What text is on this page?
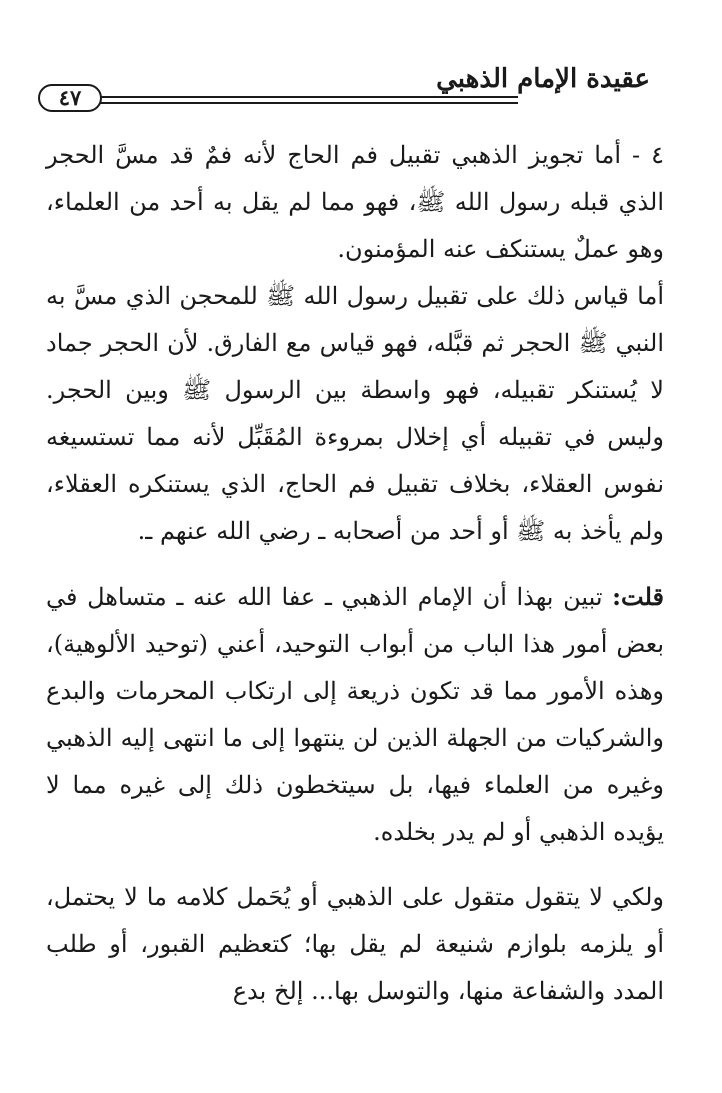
عقيدة الإمام الذهبي
٤٧

٤ - أما تجويز الذهبي تقبيل فم الحاج لأنه فمٌ قد مسَّ الحجر الذي قبله رسول الله ﷺ، فهو مما لم يقل به أحد من العلماء، وهو عملٌ يستنكف عنه المؤمنون.

أما قياس ذلك على تقبيل رسول الله ﷺ للمحجن الذي مسَّ به النبي ﷺ الحجر ثم قبَّله، فهو قياس مع الفارق. لأن الحجر جماد لا يُستنكر تقبيله، فهو واسطة بين الرسول ﷺ وبين الحجر. وليس في تقبيله أي إخلال بمروءة المُقَبِّل لأنه مما تستسيغه نفوس العقلاء، بخلاف تقبيل فم الحاج، الذي يستنكره العقلاء، ولم يأخذ به ﷺ أو أحد من أصحابه ـ رضي الله عنهم ـ.

قلت: تبين بهذا أن الإمام الذهبي ـ عفا الله عنه ـ متساهل في بعض أمور هذا الباب من أبواب التوحيد، أعني (توحيد الألوهية)، وهذه الأمور مما قد تكون ذريعة إلى ارتكاب المحرمات والبدع والشركيات من الجهلة الذين لن ينتهوا إلى ما انتهى إليه الذهبي وغيره من العلماء فيها، بل سيتخطون ذلك إلى غيره مما لا يؤيده الذهبي أو لم يدر بخلده.

ولكي لا يتقول متقول على الذهبي أو يُحَمل كلامه ما لا يحتمل، أو يلزمه بلوازم شنيعة لم يقل بها؛ كتعظيم القبور، أو طلب المدد والشفاعة منها، والتوسل بها... إلخ بدع
